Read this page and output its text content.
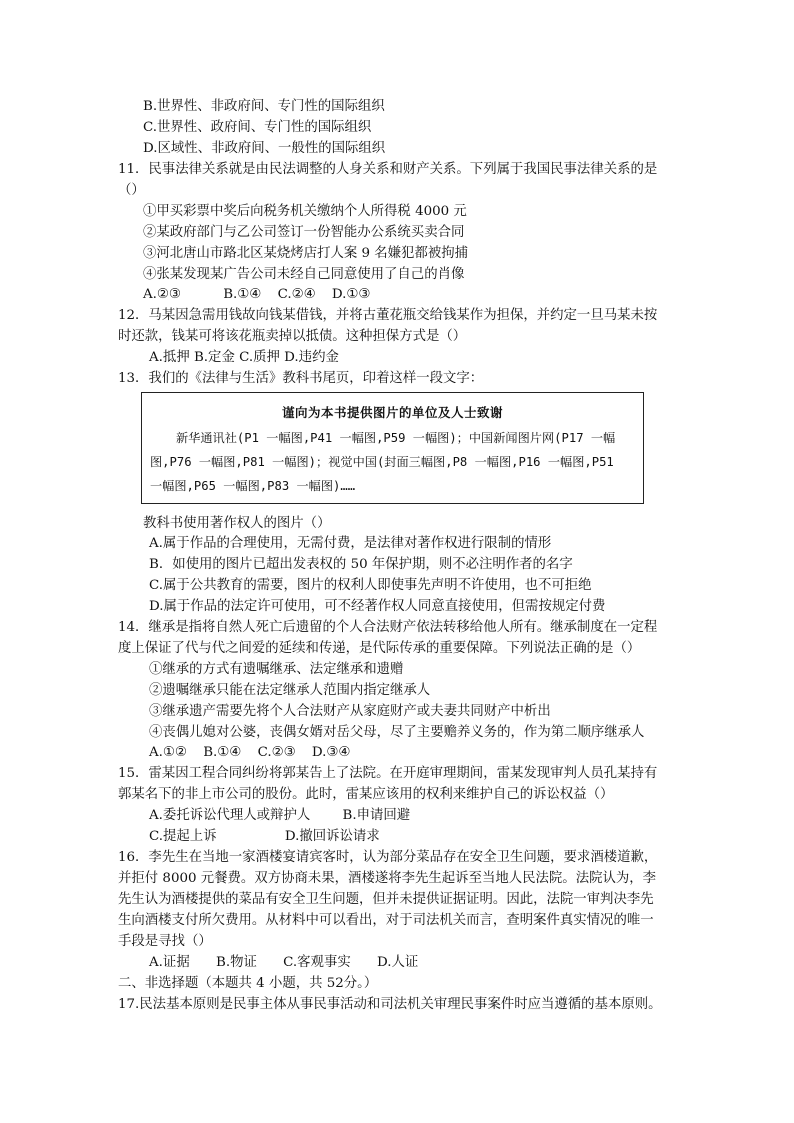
B.世界性、非政府间、专门性的国际组织
C.世界性、政府间、专门性的国际组织
D.区域性、非政府间、一般性的国际组织
11．民事法律关系就是由民法调整的人身关系和财产关系。下列属于我国民事法律关系的是
（）
①甲买彩票中奖后向税务机关缴纳个人所得税 4000 元
②某政府部门与乙公司签订一份智能办公系统买卖合同
③河北唐山市路北区某烧烤店打人案 9 名嫌犯都被拘捕
④张某发现某广告公司未经自己同意使用了自己的肖像
A.②③	B.①④ C.②④ D.①③
12．马某因急需用钱故向钱某借钱，并将古董花瓶交给钱某作为担保，并约定一旦马某未按
时还款，钱某可将该花瓶卖掉以抵债。这种担保方式是（）
A.抵押 B.定金 C.质押 D.违约金
13．我们的《法律与生活》教科书尾页，印着这样一段文字：
谨向为本书提供图片的单位及人士致谢
新华通讯社(P1 一幅图,P41 一幅图,P59 一幅图)；中国新闻图片网(P17 一幅
图,P76 一幅图,P81 一幅图)；视觉中国(封面三幅图,P8 一幅图,P16 一幅图,P51
一幅图,P65 一幅图,P83 一幅图)……
教科书使用著作权人的图片（）
A.属于作品的合理使用，无需付费，是法律对著作权进行限制的情形
B．如使用的图片已超出发表权的 50 年保护期，则不必注明作者的名字
C.属于公共教育的需要，图片的权利人即使事先声明不许使用，也不可拒绝
D.属于作品的法定许可使用，可不经著作权人同意直接使用，但需按规定付费
14．继承是指将自然人死亡后遗留的个人合法财产依法转移给他人所有。继承制度在一定程
度上保证了代与代之间爱的延续和传递，是代际传承的重要保障。下列说法正确的是（）
①继承的方式有遗嘱继承、法定继承和遗赠
②遗嘱继承只能在法定继承人范围内指定继承人
③继承遗产需要先将个人合法财产从家庭财产或夫妻共同财产中析出
④丧偶儿媳对公婆，丧偶女婿对岳父母，尽了主要赡养义务的，作为第二顺序继承人
A.①② B.①④ C.②③ D.③④
15．雷某因工程合同纠纷将郭某告上了法院。在开庭审理期间，雷某发现审判人员孔某持有
郭某名下的非上市公司的股份。此时，雷某应该用的权利来维护自己的诉讼权益（）
A.委托诉讼代理人或辩护人 B.申请回避
C.提起上诉	D.撤回诉讼请求
16．李先生在当地一家酒楼宴请宾客时，认为部分菜品存在安全卫生问题，要求酒楼道歉，
并拒付 8000 元餐费。双方协商未果，酒楼遂将李先生起诉至当地人民法院。法院认为，李
先生认为酒楼提供的菜品有安全卫生问题，但并未提供证据证明。因此，法院一审判决李先
生向酒楼支付所欠费用。从材料中可以看出，对于司法机关而言，查明案件真实情况的唯一
手段是寻找（）
A.证据 B.物证 C.客观事实 D.人证
二、非选择题（本题共 4 小题，共 52分。）
17.民法基本原则是民事主体从事民事活动和司法机关审理民事案件时应当遵循的基本原则。
